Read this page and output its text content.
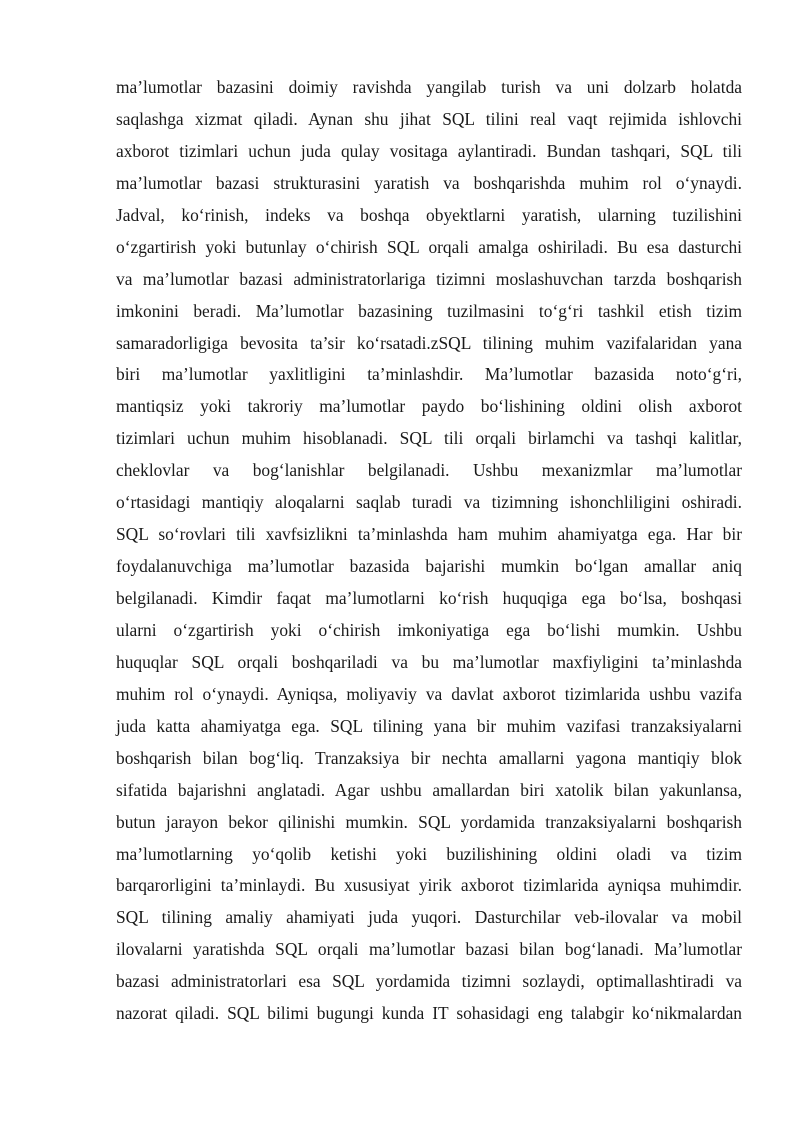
ma’lumotlar bazasini doimiy ravishda yangilab turish va uni dolzarb holatda
saqlashga xizmat qiladi. Aynan shu jihat SQL tilini real vaqt rejimida ishlovchi
axborot tizimlari uchun juda qulay vositaga aylantiradi. Bundan tashqari, SQL tili
ma’lumotlar bazasi strukturasini yaratish va boshqarishda muhim rol o‘ynaydi.
Jadval, ko‘rinish, indeks va boshqa obyektlarni yaratish, ularning tuzilishini
o‘zgartirish yoki butunlay o‘chirish SQL orqali amalga oshiriladi. Bu esa dasturchi
va ma’lumotlar bazasi administratorlariga tizimni moslashuvchan tarzda boshqarish
imkonini beradi. Ma’lumotlar bazasining tuzilmasini to‘g‘ri tashkil etish tizim
samaradorligiga bevosita ta’sir ko‘rsatadi.zSQL tilining muhim vazifalaridan yana
biri ma’lumotlar yaxlitligini ta’minlashdir. Ma’lumotlar bazasida noto‘g‘ri,
mantiqsiz yoki takroriy ma’lumotlar paydo bo‘lishining oldini olish axborot
tizimlari uchun muhim hisoblanadi. SQL tili orqali birlamchi va tashqi kalitlar,
cheklovlar va bog‘lanishlar belgilanadi. Ushbu mexanizmlar ma’lumotlar
o‘rtasidagi mantiqiy aloqalarni saqlab turadi va tizimning ishonchliligini oshiradi.
SQL so‘rovlari tili xavfsizlikni ta’minlashda ham muhim ahamiyatga ega. Har bir
foydalanuvchiga ma’lumotlar bazasida bajarishi mumkin bo‘lgan amallar aniq
belgilanadi. Kimdir faqat ma’lumotlarni ko‘rish huquqiga ega bo‘lsa, boshqasi
ularni o‘zgartirish yoki o‘chirish imkoniyatiga ega bo‘lishi mumkin. Ushbu
huquqlar SQL orqali boshqariladi va bu ma’lumotlar maxfiyligini ta’minlashda
muhim rol o‘ynaydi. Ayniqsa, moliyaviy va davlat axborot tizimlarida ushbu vazifa
juda katta ahamiyatga ega. SQL tilining yana bir muhim vazifasi tranzaksiyalarni
boshqarish bilan bog‘liq. Tranzaksiya bir nechta amallarni yagona mantiqiy blok
sifatida bajarishni anglatadi. Agar ushbu amallardan biri xatolik bilan yakunlansa,
butun jarayon bekor qilinishi mumkin. SQL yordamida tranzaksiyalarni boshqarish
ma’lumotlarning yo‘qolib ketishi yoki buzilishining oldini oladi va tizim
barqarorligini ta’minlaydi. Bu xususiyat yirik axborot tizimlarida ayniqsa muhimdir.
SQL tilining amaliy ahamiyati juda yuqori. Dasturchilar veb-ilovalar va mobil
ilovalarni yaratishda SQL orqali ma’lumotlar bazasi bilan bog‘lanadi. Ma’lumotlar
bazasi administratorlari esa SQL yordamida tizimni sozlaydi, optimallashtiradi va
nazorat qiladi. SQL bilimi bugungi kunda IT sohasidagi eng talabgir ko‘nikmalardan
